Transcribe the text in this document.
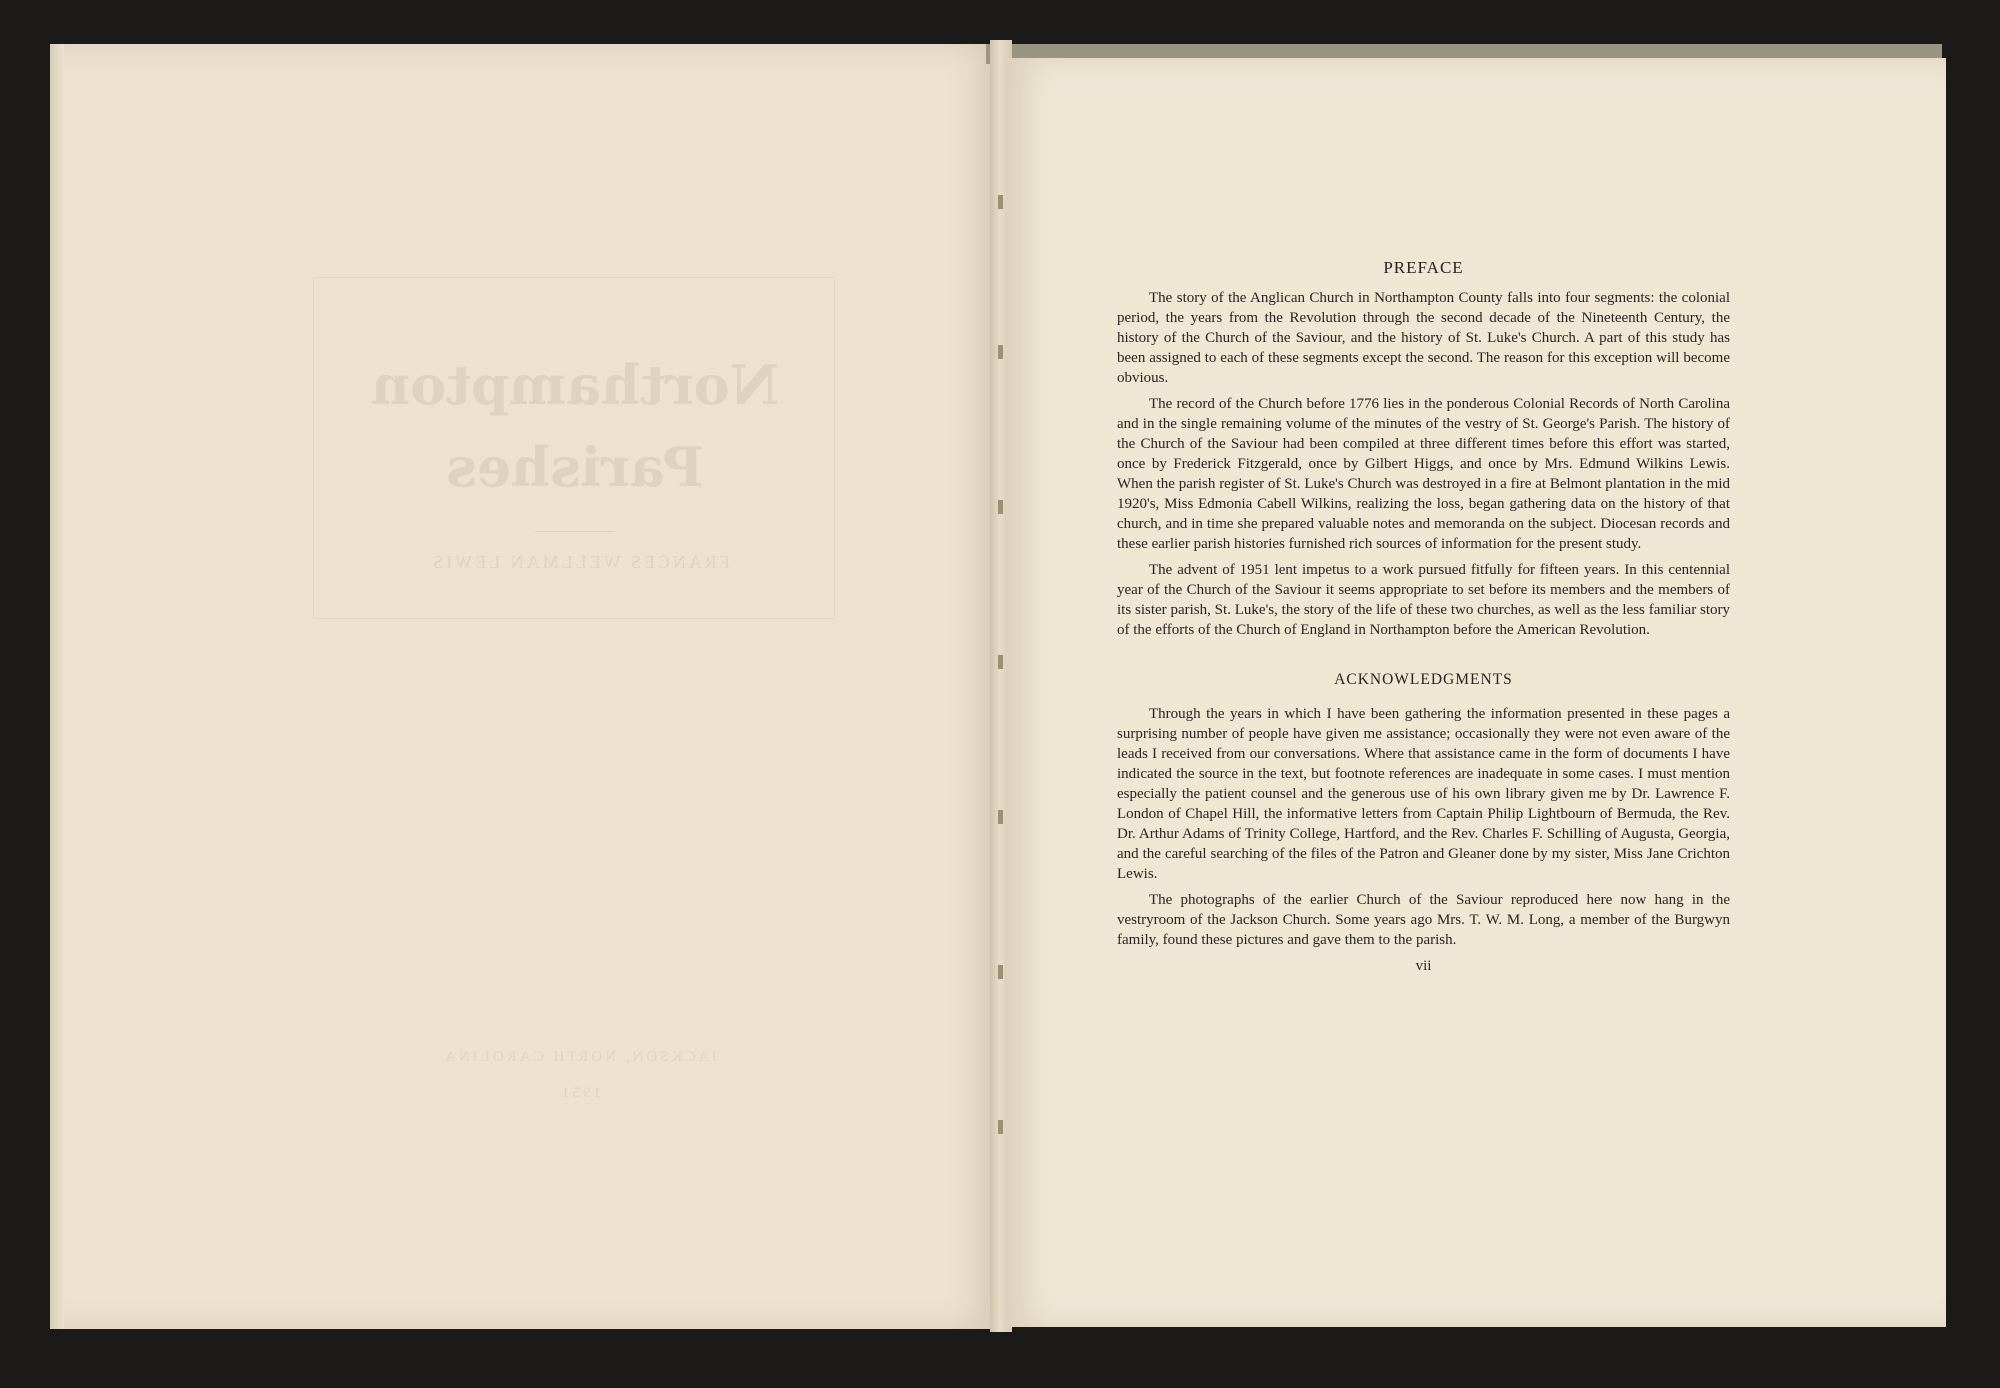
Northampton
Parishes
FRANCES WELLMAN LEWIS
JACKSON, NORTH CAROLINA
1951
PREFACE

The story of the Anglican Church in Northampton County falls into four segments: the colonial period, the years from the Revolution through the second decade of the Nineteenth Century, the history of the Church of the Saviour, and the history of St. Luke's Church. A part of this study has been assigned to each of these segments except the second. The reason for this exception will become obvious.

The record of the Church before 1776 lies in the ponderous Colonial Records of North Carolina and in the single remaining volume of the minutes of the vestry of St. George's Parish. The history of the Church of the Saviour had been compiled at three different times before this effort was started, once by Frederick Fitzgerald, once by Gilbert Higgs, and once by Mrs. Edmund Wilkins Lewis. When the parish register of St. Luke's Church was destroyed in a fire at Belmont plantation in the mid 1920's, Miss Edmonia Cabell Wilkins, realizing the loss, began gathering data on the history of that church, and in time she prepared valuable notes and memoranda on the subject. Diocesan records and these earlier parish histories furnished rich sources of information for the present study.

The advent of 1951 lent impetus to a work pursued fitfully for fifteen years. In this centennial year of the Church of the Saviour it seems appropriate to set before its members and the members of its sister parish, St. Luke's, the story of the life of these two churches, as well as the less familiar story of the efforts of the Church of England in Northampton before the American Revolution.

ACKNOWLEDGMENTS

Through the years in which I have been gathering the information presented in these pages a surprising number of people have given me assistance; occasionally they were not even aware of the leads I received from our conversations. Where that assistance came in the form of documents I have indicated the source in the text, but footnote references are inadequate in some cases. I must mention especially the patient counsel and the generous use of his own library given me by Dr. Lawrence F. London of Chapel Hill, the informative letters from Captain Philip Lightbourn of Bermuda, the Rev. Dr. Arthur Adams of Trinity College, Hartford, and the Rev. Charles F. Schilling of Augusta, Georgia, and the careful searching of the files of the Patron and Gleaner done by my sister, Miss Jane Crichton Lewis.

The photographs of the earlier Church of the Saviour reproduced here now hang in the vestryroom of the Jackson Church. Some years ago Mrs. T. W. M. Long, a member of the Burgwyn family, found these pictures and gave them to the parish.

vii
